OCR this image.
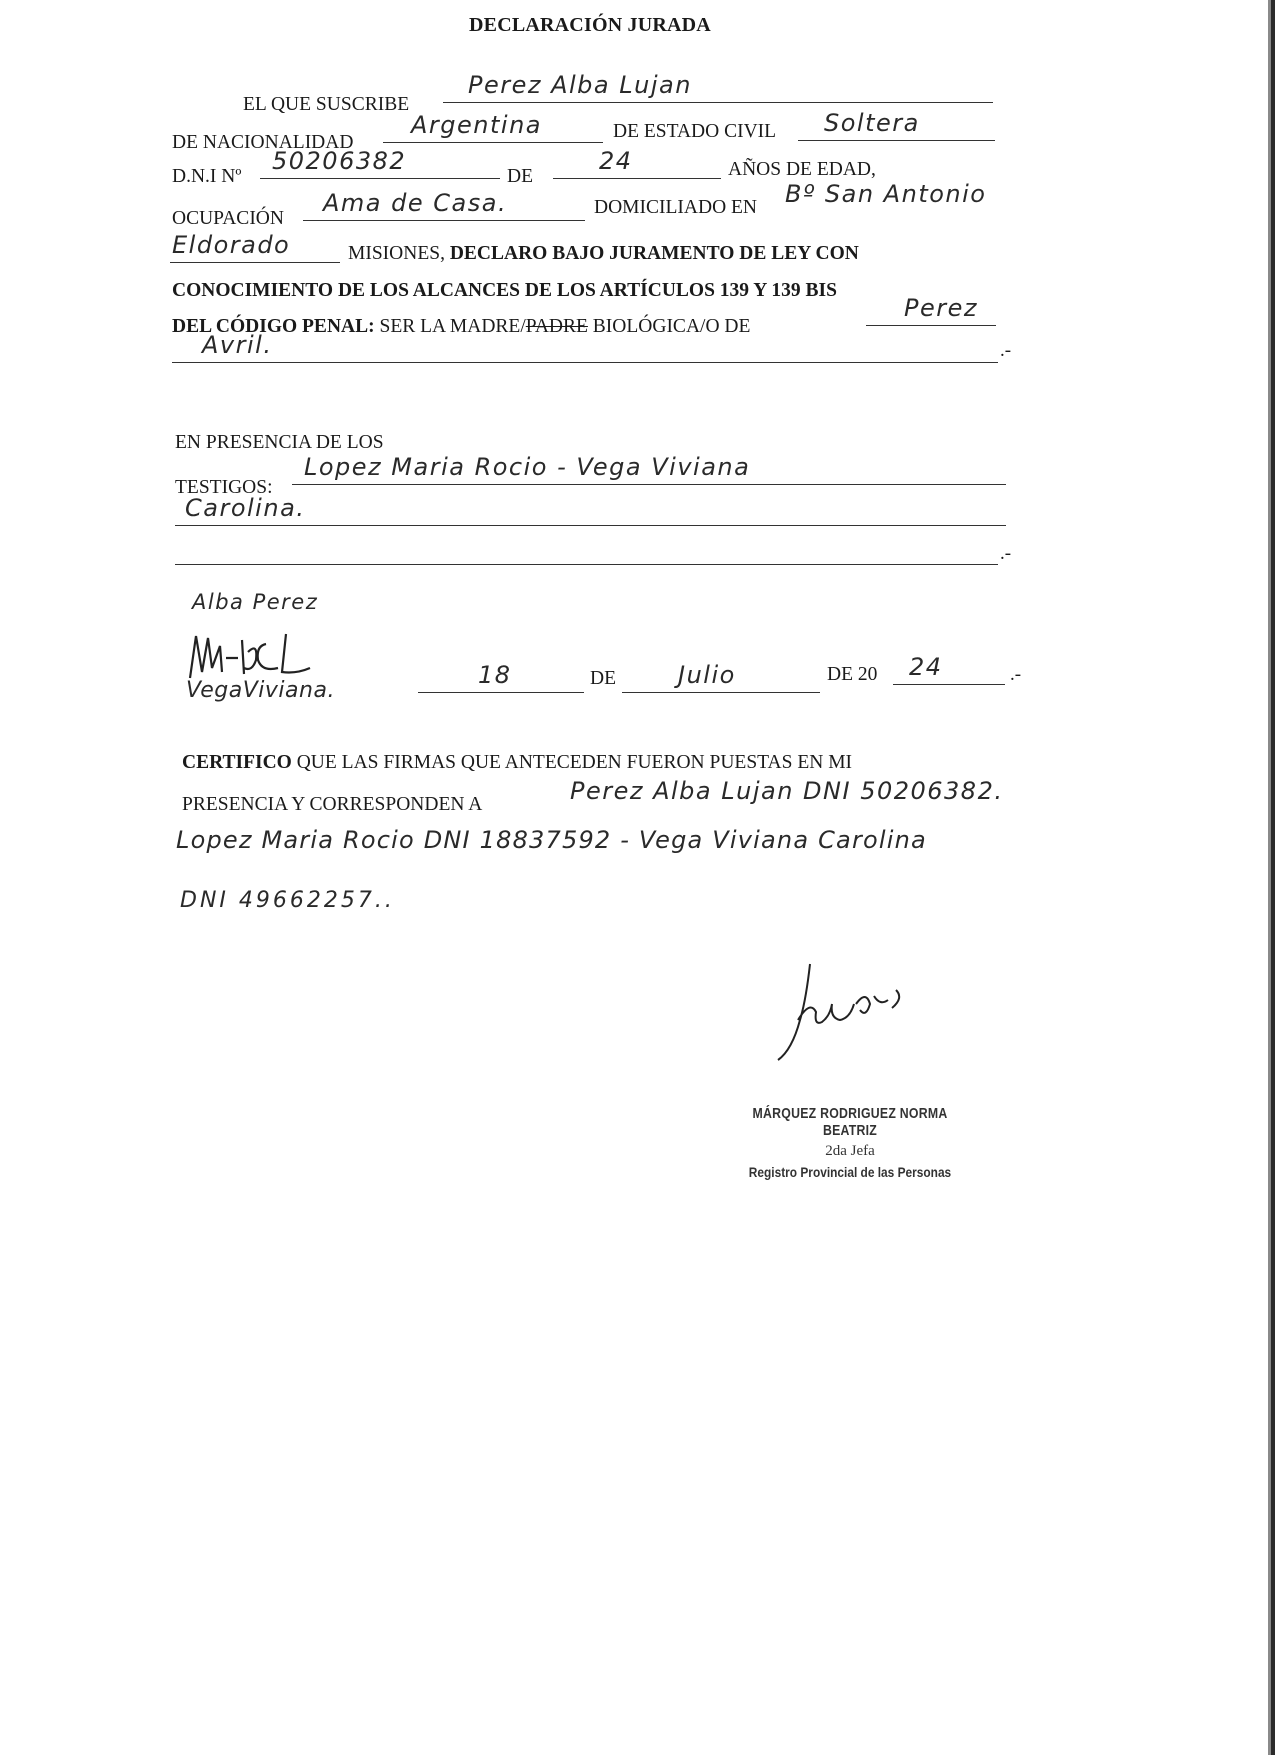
DECLARACIÓN JURADA
EL QUE SUSCRIBE
Perez Alba Lujan
DE NACIONALIDAD
Argentina	DE ESTADO CIVIL	Soltera
D.N.I Nº
50206382
DE
24	AÑOS DE EDAD,
OCUPACIÓN
Ama de Casa.	DOMICILIADO EN Bº San Antonio
Eldorado	MISIONES, DECLARO BAJO JURAMENTO DE LEY CON
CONOCIMIENTO DE LOS ALCANCES DE LOS ARTÍCULOS 139 Y 139 BIS
DEL CÓDIGO PENAL: SER LA MADRE/PADRE BIOLÓGICA/O DE
Perez
Avril.	.-
EN PRESENCIA DE LOS
TESTIGOS:
Lopez Maria Rocio - Vega Viviana
Carolina.
.-
Alba Perez
VegaViviana.
18	DE	Julio	DE 20	24	.-
CERTIFICO QUE LAS FIRMAS QUE ANTECEDEN FUERON PUESTAS EN MI
PRESENCIA Y CORRESPONDEN A	Perez Alba Lujan DNI 50206382.
Lopez Maria Rocio DNI 18837592 - Vega Viviana Carolina
DNI 49662257..
MÁRQUEZ RODRIGUEZ NORMA BEATRIZ
2da Jefa
Registro Provincial de las Personas
